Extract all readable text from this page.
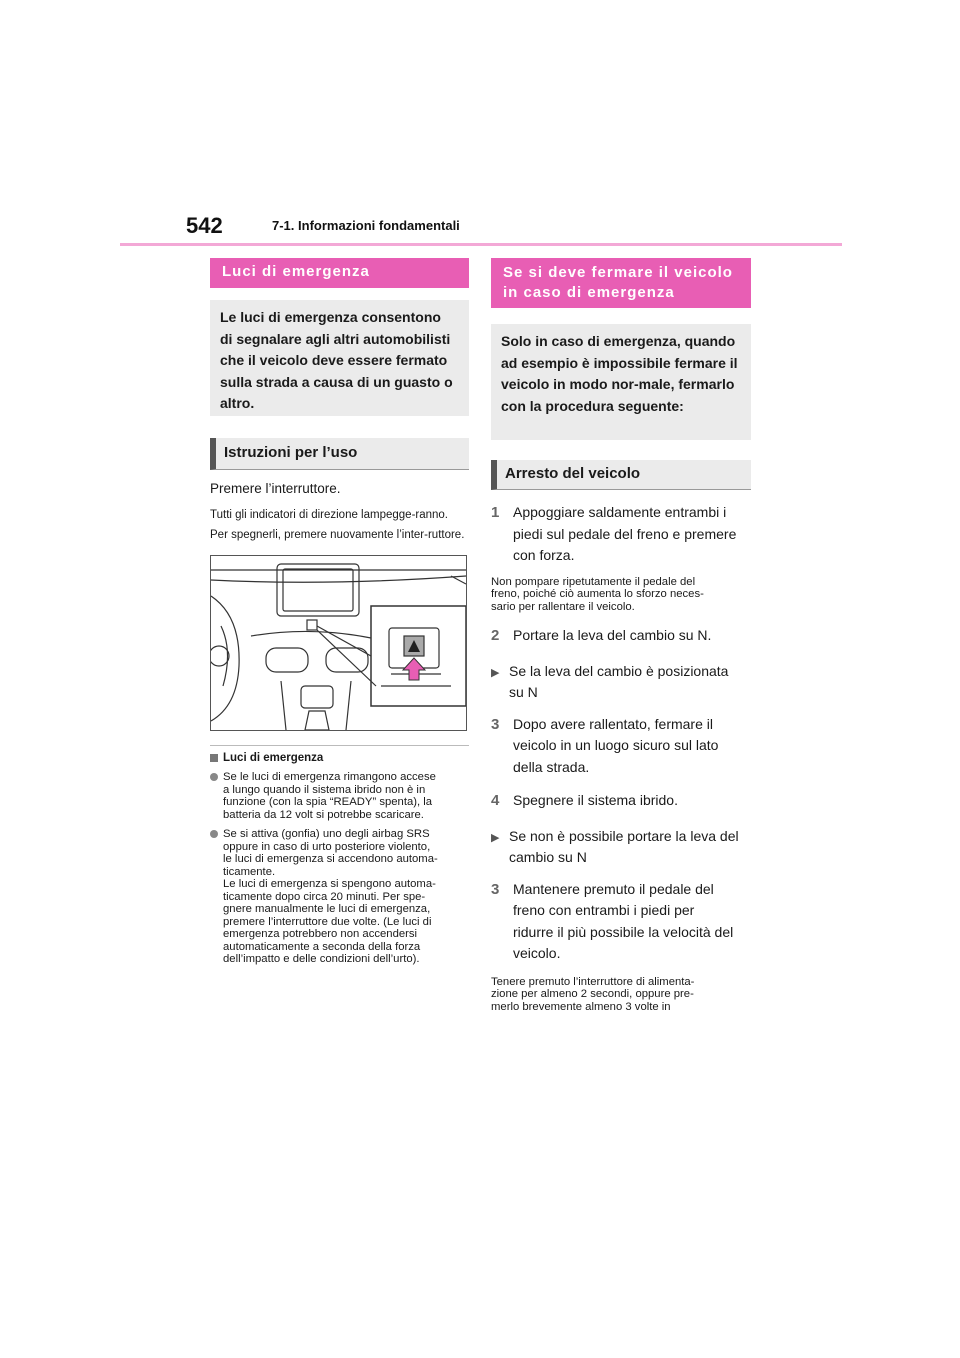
542	7-1. Informazioni fondamentali
Luci di emergenza
Le luci di emergenza consentono di segnalare agli altri automobilisti che il veicolo deve essere fermato sulla strada a causa di un guasto o altro.
Istruzioni per l’uso
Premere l’interruttore.
Tutti gli indicatori di direzione lampegge-ranno.
Per spegnerli, premere nuovamente l’inter-ruttore.
Luci di emergenza
Se le luci di emergenza rimangono accese
a lungo quando il sistema ibrido non è in
funzione (con la spia “READY” spenta), la
batteria da 12 volt si potrebbe scaricare.
Se si attiva (gonfia) uno degli airbag SRS
oppure in caso di urto posteriore violento,
le luci di emergenza si accendono automa-
ticamente.
Le luci di emergenza si spengono automa-
ticamente dopo circa 20 minuti. Per spe-
gnere manualmente le luci di emergenza,
premere l’interruttore due volte. (Le luci di
emergenza potrebbero non accendersi
automaticamente a seconda della forza
dell’impatto e delle condizioni dell’urto).
Se si deve fermare il veicolo in caso di emergenza
Solo in caso di emergenza, quando ad esempio è impossibile fermare il veicolo in modo nor-male, fermarlo con la procedura seguente:
Arresto del veicolo
1 Appoggiare saldamente entrambi i
piedi sul pedale del freno e premere
con forza.
Non pompare ripetutamente il pedale del
freno, poiché ciò aumenta lo sforzo neces-
sario per rallentare il veicolo.
2 Portare la leva del cambio su N.
▶ Se la leva del cambio è posizionata
su N
3 Dopo avere rallentato, fermare il
veicolo in un luogo sicuro sul lato
della strada.
4 Spegnere il sistema ibrido.
▶ Se non è possibile portare la leva del
cambio su N
3 Mantenere premuto il pedale del
freno con entrambi i piedi per
ridurre il più possibile la velocità del
veicolo.
Tenere premuto l’interruttore di alimenta-
zione per almeno 2 secondi, oppure pre-
merlo brevemente almeno 3 volte in
